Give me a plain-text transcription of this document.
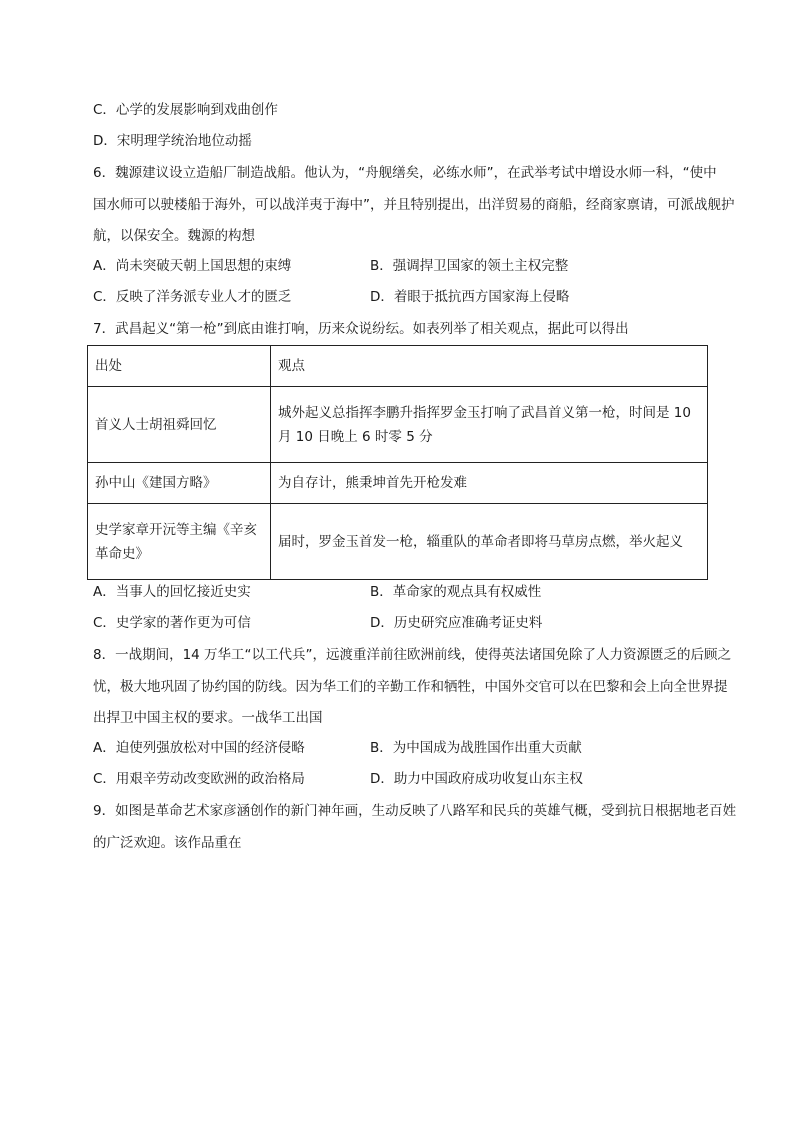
C．心学的发展影响到戏曲创作
D．宋明理学统治地位动摇
6．魏源建议设立造船厂制造战船。他认为，“舟舰缮矣，必练水师”，在武举考试中增设水师一科，“使中
国水师可以驶楼船于海外，可以战洋夷于海中”，并且特别提出，出洋贸易的商船，经商家禀请，可派战舰护
航，以保安全。魏源的构想
A．尚未突破天朝上国思想的束缚	B．强调捍卫国家的领土主权完整
C．反映了洋务派专业人才的匮乏	D．着眼于抵抗西方国家海上侵略
7．武昌起义“第一枪”到底由谁打响，历来众说纷纭。如表列举了相关观点，据此可以得出
出处	观点
首义人士胡祖舜回忆	城外起义总指挥李鹏升指挥罗金玉打响了武昌首义第一枪，时间是 10 月 10 日晚上 6 时零 5 分
孙中山《建国方略》	为自存计，熊秉坤首先开枪发难
史学家章开沅等主编《辛亥革命史》	届时，罗金玉首发一枪，辎重队的革命者即将马草房点燃，举火起义
A．当事人的回忆接近史实	B．革命家的观点具有权威性
C．史学家的著作更为可信	D．历史研究应准确考证史料
8．一战期间，14 万华工“以工代兵”，远渡重洋前往欧洲前线，使得英法诸国免除了人力资源匮乏的后顾之
忧，极大地巩固了协约国的防线。因为华工们的辛勤工作和牺牲，中国外交官可以在巴黎和会上向全世界提
出捍卫中国主权的要求。一战华工出国
A．迫使列强放松对中国的经济侵略	B．为中国成为战胜国作出重大贡献
C．用艰辛劳动改变欧洲的政治格局	D．助力中国政府成功收复山东主权
9．如图是革命艺术家彦涵创作的新门神年画，生动反映了八路军和民兵的英雄气概，受到抗日根据地老百姓
的广泛欢迎。该作品重在
